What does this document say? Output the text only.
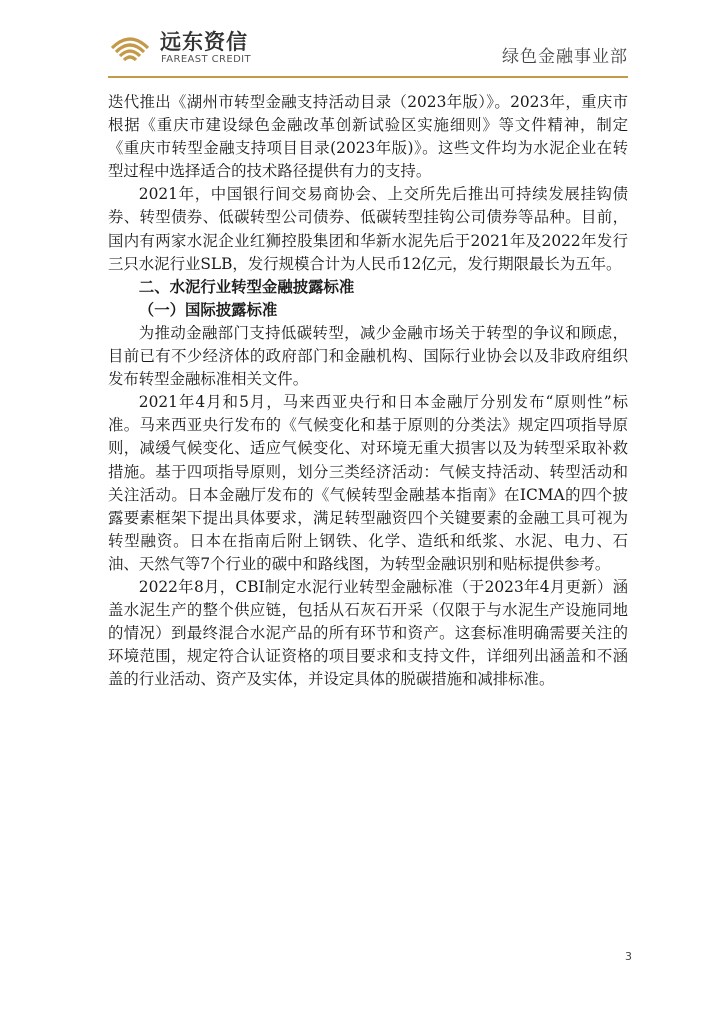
远东资信
FAREAST CREDIT	绿色金融事业部

迭代推出《湖州市转型金融支持活动目录（2023年版）》。2023年，重庆市根据《重庆市建设绿色金融改革创新试验区实施细则》等文件精神，制定《重庆市转型金融支持项目目录(2023年版)》。这些文件均为水泥企业在转型过程中选择适合的技术路径提供有力的支持。

2021年，中国银行间交易商协会、上交所先后推出可持续发展挂钩债券、转型债券、低碳转型公司债券、低碳转型挂钩公司债券等品种。目前，国内有两家水泥企业红狮控股集团和华新水泥先后于2021年及2022年发行三只水泥行业SLB，发行规模合计为人民币12亿元，发行期限最长为五年。

二、水泥行业转型金融披露标准
（一）国际披露标准

为推动金融部门支持低碳转型，减少金融市场关于转型的争议和顾虑，目前已有不少经济体的政府部门和金融机构、国际行业协会以及非政府组织发布转型金融标准相关文件。

2021年4月和5月，马来西亚央行和日本金融厅分别发布“原则性”标准。马来西亚央行发布的《气候变化和基于原则的分类法》规定四项指导原则，减缓气候变化、适应气候变化、对环境无重大损害以及为转型采取补救措施。基于四项指导原则，划分三类经济活动：气候支持活动、转型活动和关注活动。日本金融厅发布的《气候转型金融基本指南》在ICMA的四个披露要素框架下提出具体要求，满足转型融资四个关键要素的金融工具可视为转型融资。日本在指南后附上钢铁、化学、造纸和纸浆、水泥、电力、石油、天然气等7个行业的碳中和路线图，为转型金融识别和贴标提供参考。

2022年8月，CBI制定水泥行业转型金融标准（于2023年4月更新）涵盖水泥生产的整个供应链，包括从石灰石开采（仅限于与水泥生产设施同地的情况）到最终混合水泥产品的所有环节和资产。这套标准明确需要关注的环境范围，规定符合认证资格的项目要求和支持文件，详细列出涵盖和不涵盖的行业活动、资产及实体，并设定具体的脱碳措施和减排标准。

3
